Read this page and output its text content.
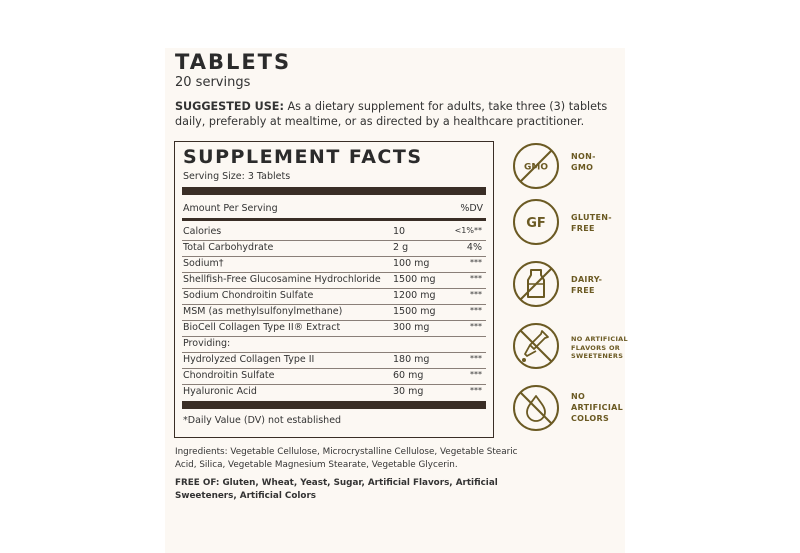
TABLETS
20 servings
SUGGESTED USE: As a dietary supplement for adults, take three (3) tablets daily, preferably at mealtime, or as directed by a healthcare practitioner.
SUPPLEMENT FACTS
Serving Size: 3 Tablets
Amount Per Serving	%DV
Calories	10	<1%**
Total Carbohydrate	2 g	4%
Sodium†	100 mg	***
Shellfish-Free Glucosamine Hydrochloride 1500 mg	***
Sodium Chondroitin Sulfate	1200 mg	***
MSM (as methylsulfonylmethane)	1500 mg	***
BioCell Collagen Type II® Extract	300 mg	***
Providing:
Hydrolyzed Collagen Type II	180 mg	***
Chondroitin Sulfate	60 mg	***
Hyaluronic Acid	30 mg	***
*Daily Value (DV) not established
Ingredients: Vegetable Cellulose, Microcrystalline Cellulose, Vegetable Stearic Acid, Silica, Vegetable Magnesium Stearate, Vegetable Glycerin.
FREE OF: Gluten, Wheat, Yeast, Sugar, Artificial Flavors, Artificial Sweeteners, Artificial Colors
GMO
NON-
GMO
GF	GLUTEN-
FREE
DAIRY-
FREE
NO ARTIFICIAL
FLAVORS OR
SWEETENERS
NO
ARTIFICIAL
COLORS
